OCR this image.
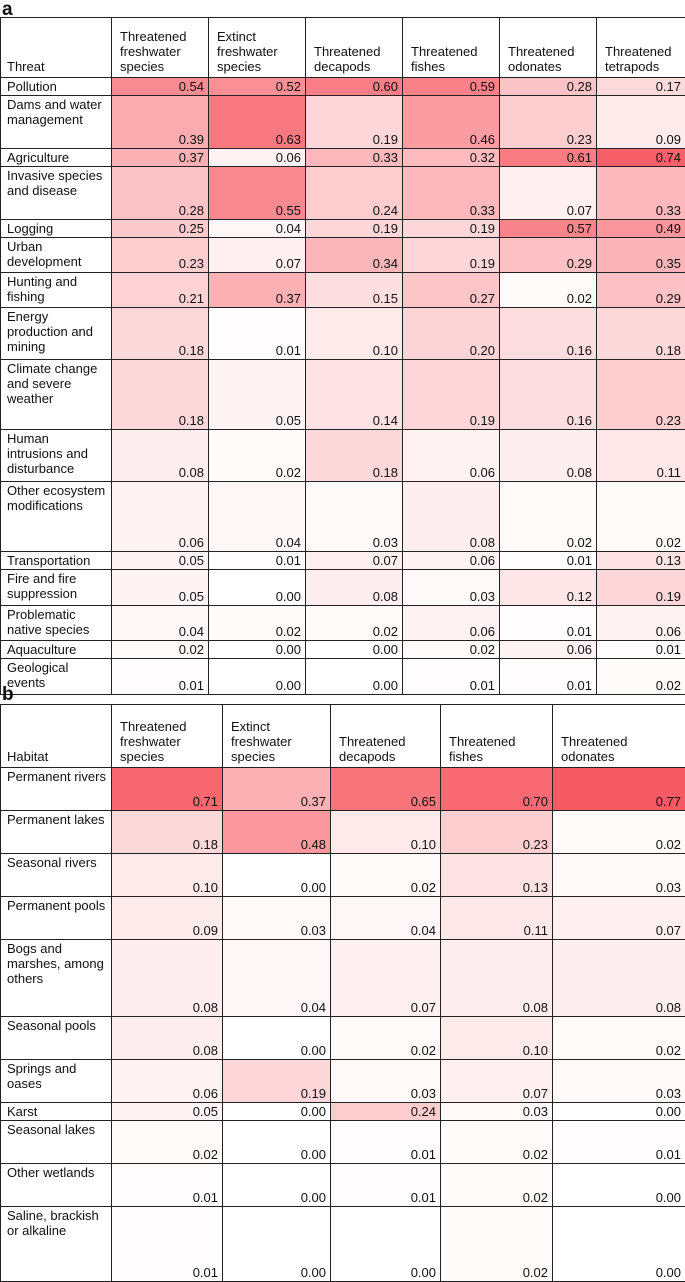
a
Threat	Threatened freshwater species	Extinct freshwater species	Threatened decapods	Threatened fishes	Threatened odonates	Threatened tetrapods
Pollution	0.54	0.52	0.60	0.59	0.28	0.17
Dams and water management	0.39	0.63	0.19	0.46	0.23	0.09
Agriculture	0.37	0.06	0.33	0.32	0.61	0.74
Invasive species and disease	0.28	0.55	0.24	0.33	0.07	0.33
Logging	0.25	0.04	0.19	0.19	0.57	0.49
Urban development	0.23	0.07	0.34	0.19	0.29	0.35
Hunting and fishing	0.21	0.37	0.15	0.27	0.02	0.29
Energy production and mining	0.18	0.01	0.10	0.20	0.16	0.18
Climate change and severe weather	0.18	0.05	0.14	0.19	0.16	0.23
Human intrusions and disturbance	0.08	0.02	0.18	0.06	0.08	0.11
Other ecosystem modifications	0.06	0.04	0.03	0.08	0.02	0.02
Transportation	0.05	0.01	0.07	0.06	0.01	0.13
Fire and fire suppression	0.05	0.00	0.08	0.03	0.12	0.19
Problematic native species	0.04	0.02	0.02	0.06	0.01	0.06
Aquaculture	0.02	0.00	0.00	0.02	0.06	0.01
Geological events	0.01	0.00	0.00	0.01	0.01	0.02
b
Habitat	Threatened freshwater species	Extinct freshwater species	Threatened decapods	Threatened fishes	Threatened odonates
Permanent rivers	0.71	0.37	0.65	0.70	0.77
Permanent lakes	0.18	0.48	0.10	0.23	0.02
Seasonal rivers	0.10	0.00	0.02	0.13	0.03
Permanent pools	0.09	0.03	0.04	0.11	0.07
Bogs and marshes, among others	0.08	0.04	0.07	0.08	0.08
Seasonal pools	0.08	0.00	0.02	0.10	0.02
Springs and oases	0.06	0.19	0.03	0.07	0.03
Karst	0.05	0.00	0.24	0.03	0.00
Seasonal lakes	0.02	0.00	0.01	0.02	0.01
Other wetlands	0.01	0.00	0.01	0.02	0.00
Saline, brackish or alkaline	0.01	0.00	0.00	0.02	0.00
